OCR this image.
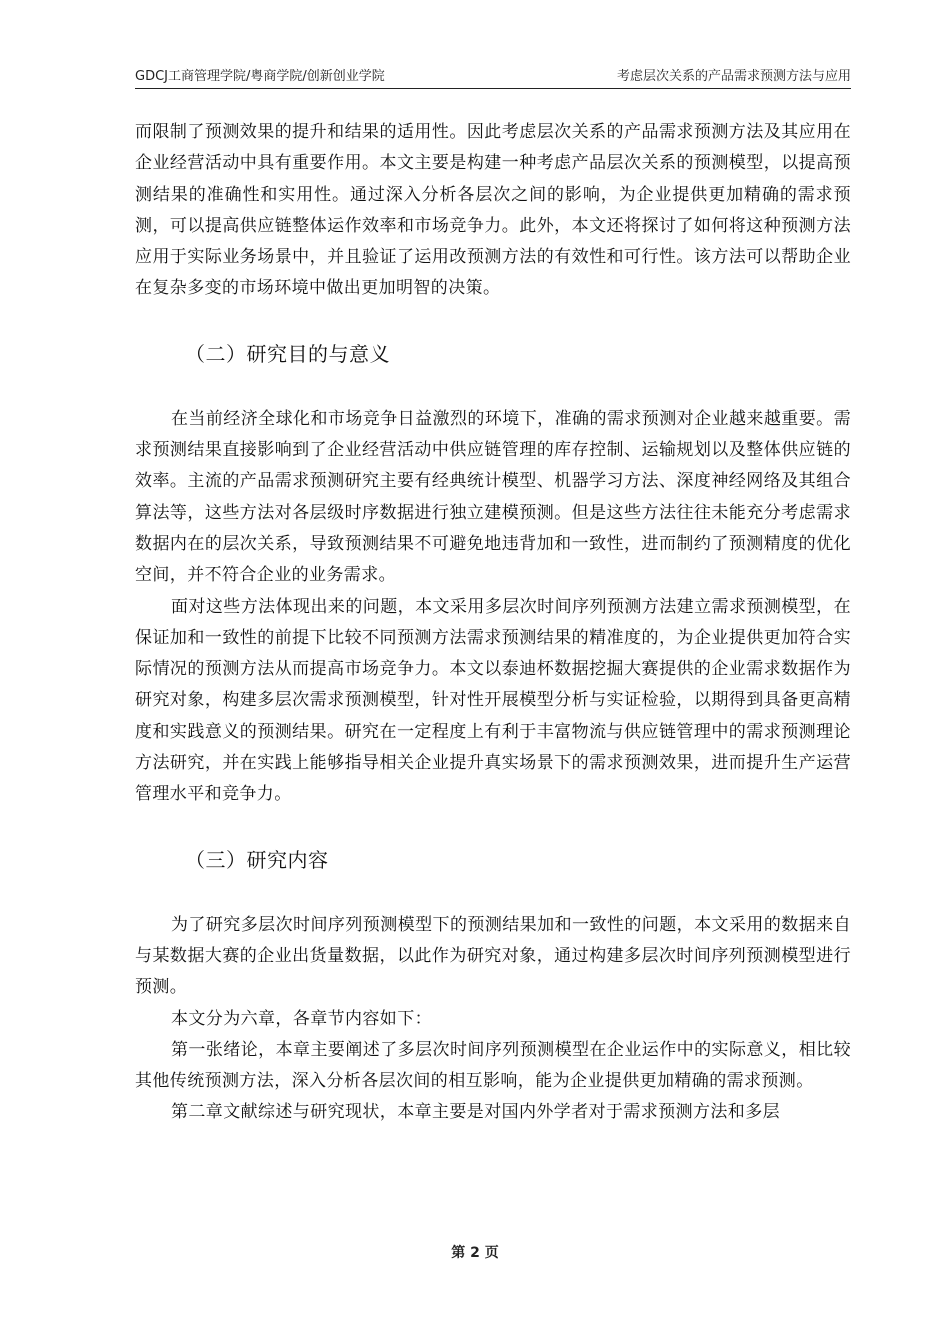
GDCJ工商管理学院/粤商学院/创新创业学院	考虑层次关系的产品需求预测方法与应用

而限制了预测效果的提升和结果的适用性。因此考虑层次关系的产品需求预测方法及其应用在企业经营活动中具有重要作用。本文主要是构建一种考虑产品层次关系的预测模型，以提高预测结果的准确性和实用性。通过深入分析各层次之间的影响，为企业提供更加精确的需求预测，可以提高供应链整体运作效率和市场竞争力。此外，本文还将探讨了如何将这种预测方法应用于实际业务场景中，并且验证了运用改预测方法的有效性和可行性。该方法可以帮助企业在复杂多变的市场环境中做出更加明智的决策。

（二）研究目的与意义

在当前经济全球化和市场竞争日益激烈的环境下，准确的需求预测对企业越来越重要。需求预测结果直接影响到了企业经营活动中供应链管理的库存控制、运输规划以及整体供应链的效率。主流的产品需求预测研究主要有经典统计模型、机器学习方法、深度神经网络及其组合算法等，这些方法对各层级时序数据进行独立建模预测。但是这些方法往往未能充分考虑需求数据内在的层次关系，导致预测结果不可避免地违背加和一致性，进而制约了预测精度的优化空间，并不符合企业的业务需求。

面对这些方法体现出来的问题，本文采用多层次时间序列预测方法建立需求预测模型，在保证加和一致性的前提下比较不同预测方法需求预测结果的精准度的，为企业提供更加符合实际情况的预测方法从而提高市场竞争力。本文以泰迪杯数据挖掘大赛提供的企业需求数据作为研究对象，构建多层次需求预测模型，针对性开展模型分析与实证检验，以期得到具备更高精度和实践意义的预测结果。研究在一定程度上有利于丰富物流与供应链管理中的需求预测理论方法研究，并在实践上能够指导相关企业提升真实场景下的需求预测效果，进而提升生产运营管理水平和竞争力。

（三）研究内容

为了研究多层次时间序列预测模型下的预测结果加和一致性的问题，本文采用的数据来自与某数据大赛的企业出货量数据，以此作为研究对象，通过构建多层次时间序列预测模型进行预测。

本文分为六章，各章节内容如下：

第一张绪论，本章主要阐述了多层次时间序列预测模型在企业运作中的实际意义，相比较其他传统预测方法，深入分析各层次间的相互影响，能为企业提供更加精确的需求预测。

第二章文献综述与研究现状，本章主要是对国内外学者对于需求预测方法和多层

第 2 页
